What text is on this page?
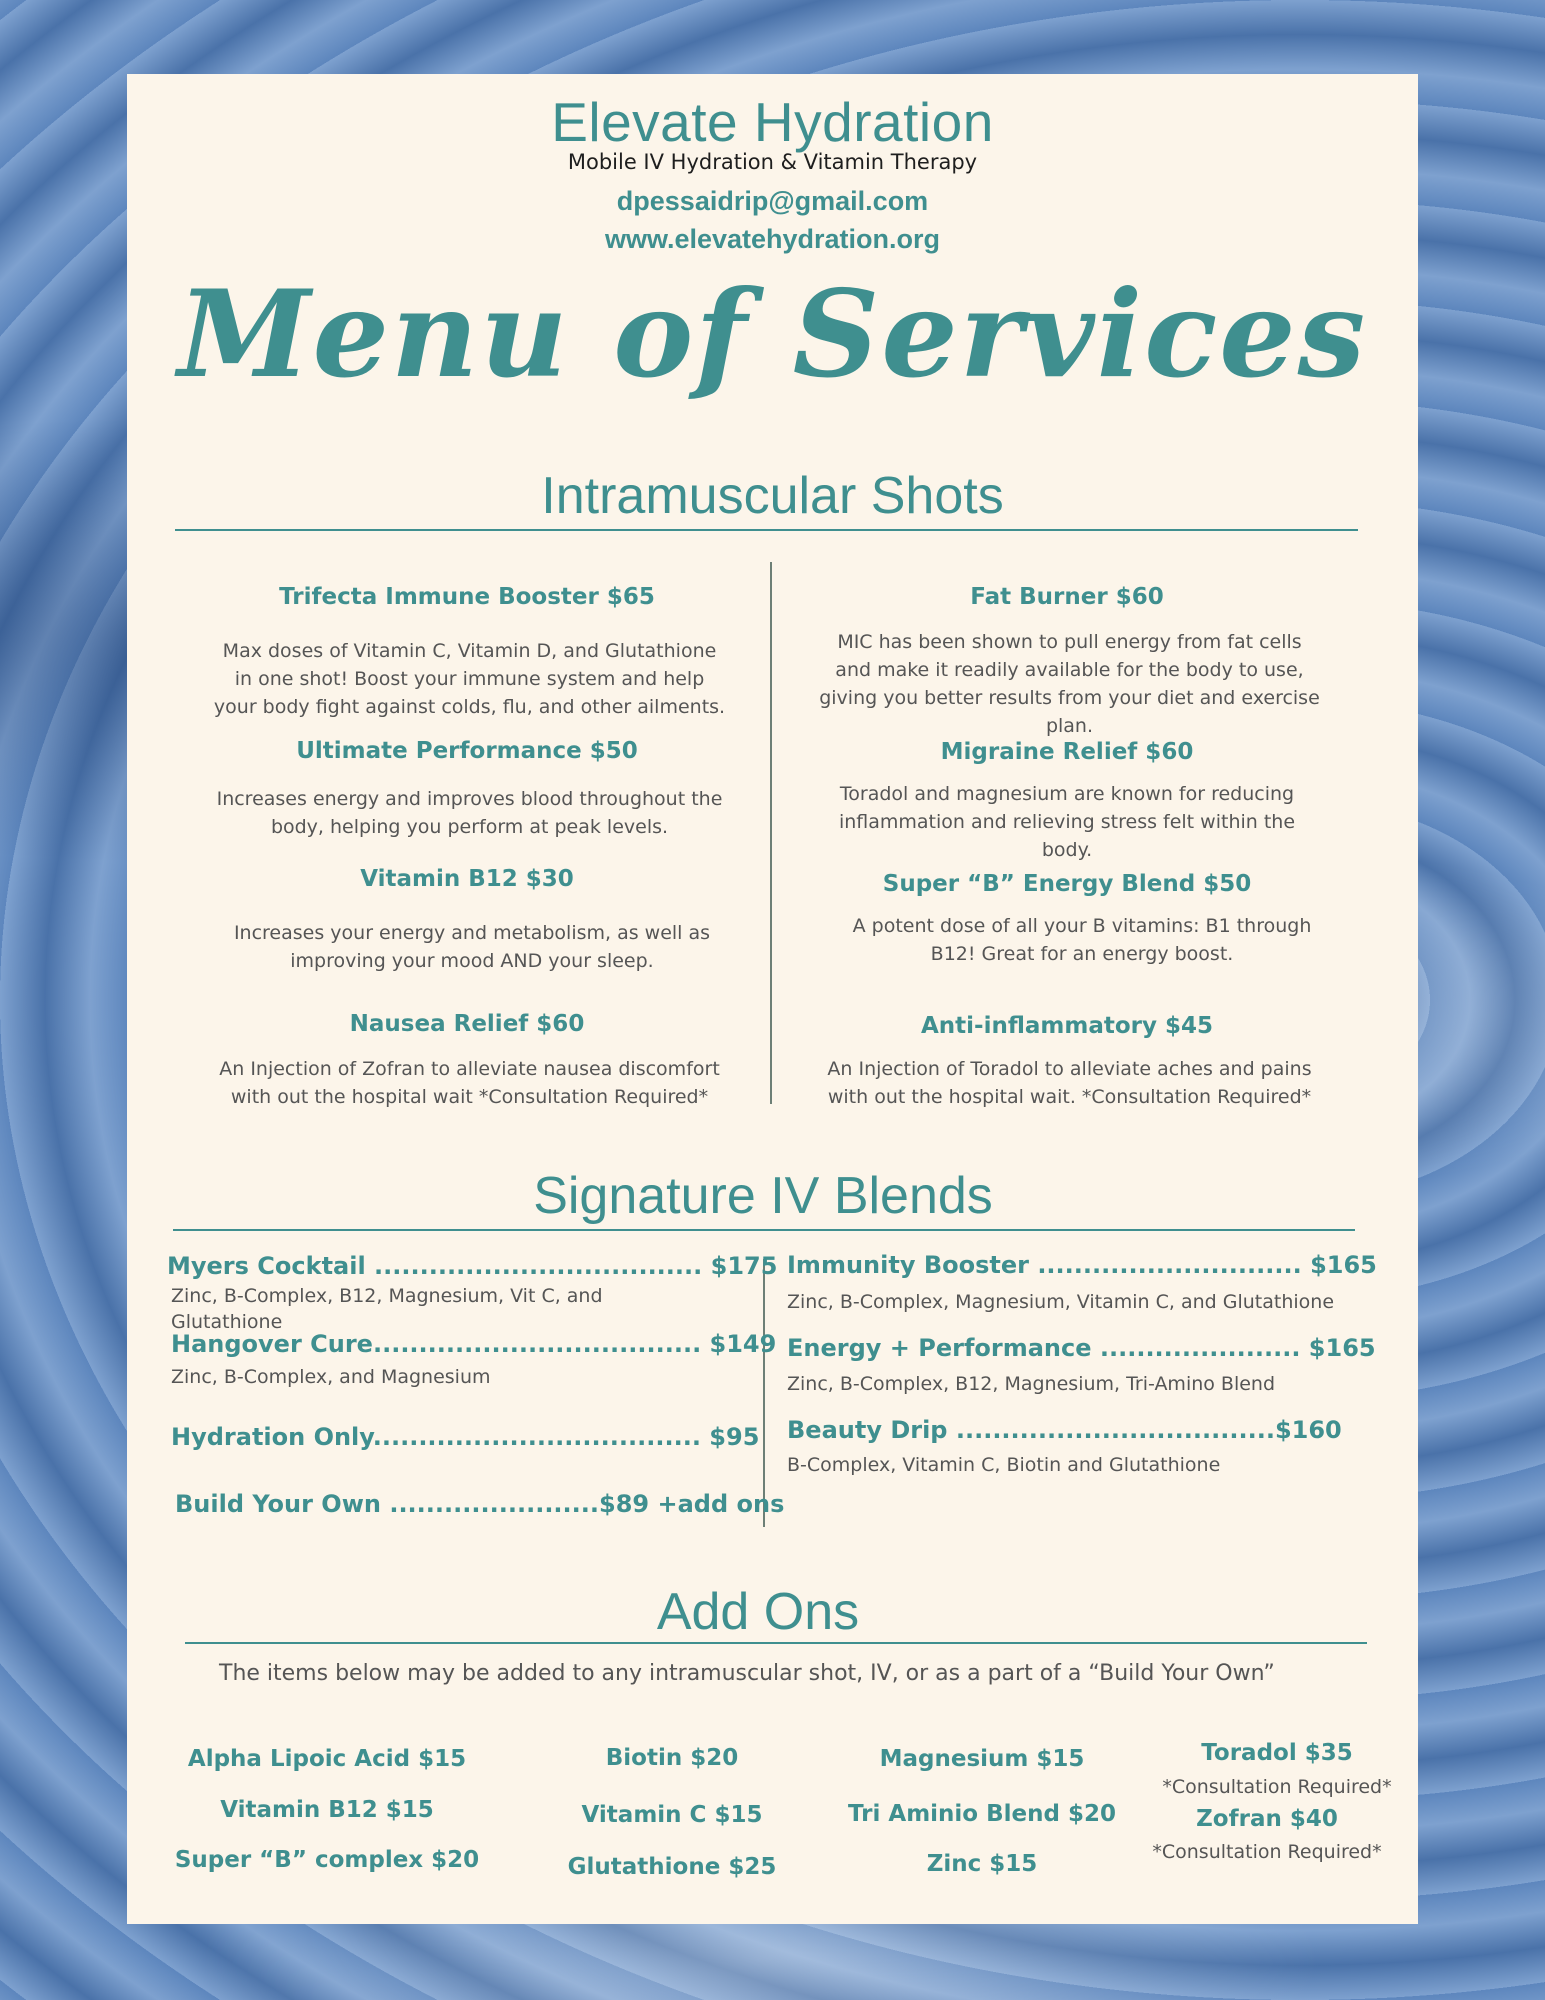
Elevate Hydration
Mobile IV Hydration & Vitamin Therapy
dpessaidrip@gmail.com
www.elevatehydration.org
Menu of Services
Intramuscular Shots
Trifecta Immune Booster $65
Max doses of Vitamin C, Vitamin D, and Glutathione in one shot! Boost your immune system and help your body fight against colds, flu, and other ailments.
Ultimate Performance $50
Increases energy and improves blood throughout the body, helping you perform at peak levels.
Vitamin B12 $30
Increases your energy and metabolism, as well as improving your mood AND your sleep.
Nausea Relief $60
An Injection of Zofran to alleviate nausea discomfort with out the hospital wait *Consultation Required*
Fat Burner $60
MIC has been shown to pull energy from fat cells and make it readily available for the body to use, giving you better results from your diet and exercise plan.
Migraine Relief $60
Toradol and magnesium are known for reducing inflammation and relieving stress felt within the body.
Super “B” Energy Blend $50
A potent dose of all your B vitamins: B1 through B12! Great for an energy boost.
Anti-inflammatory $45
An Injection of Toradol to alleviate aches and pains with out the hospital wait. *Consultation Required*
Signature IV Blends
Myers Cocktail .................................... $175
Zinc, B-Complex, B12, Magnesium, Vit C, and Glutathione
Hangover Cure.................................... $149
Zinc, B-Complex, and Magnesium
Hydration Only.................................... $95
Build Your Own .......................$89 +add ons
Immunity Booster ............................. $165
Zinc, B-Complex, Magnesium, Vitamin C, and Glutathione
Energy + Performance ...................... $165
Zinc, B-Complex, B12, Magnesium, Tri-Amino Blend
Beauty Drip ...................................$160
B-Complex, Vitamin C, Biotin and Glutathione
Add Ons
The items below may be added to any intramuscular shot, IV, or as a part of a “Build Your Own”
Alpha Lipoic Acid $15
Vitamin B12 $15
Super “B” complex $20
Biotin $20
Vitamin C $15
Glutathione $25
Magnesium $15
Tri Aminio Blend $20
Zinc $15
Toradol $35
*Consultation Required*
Zofran $40
*Consultation Required*
